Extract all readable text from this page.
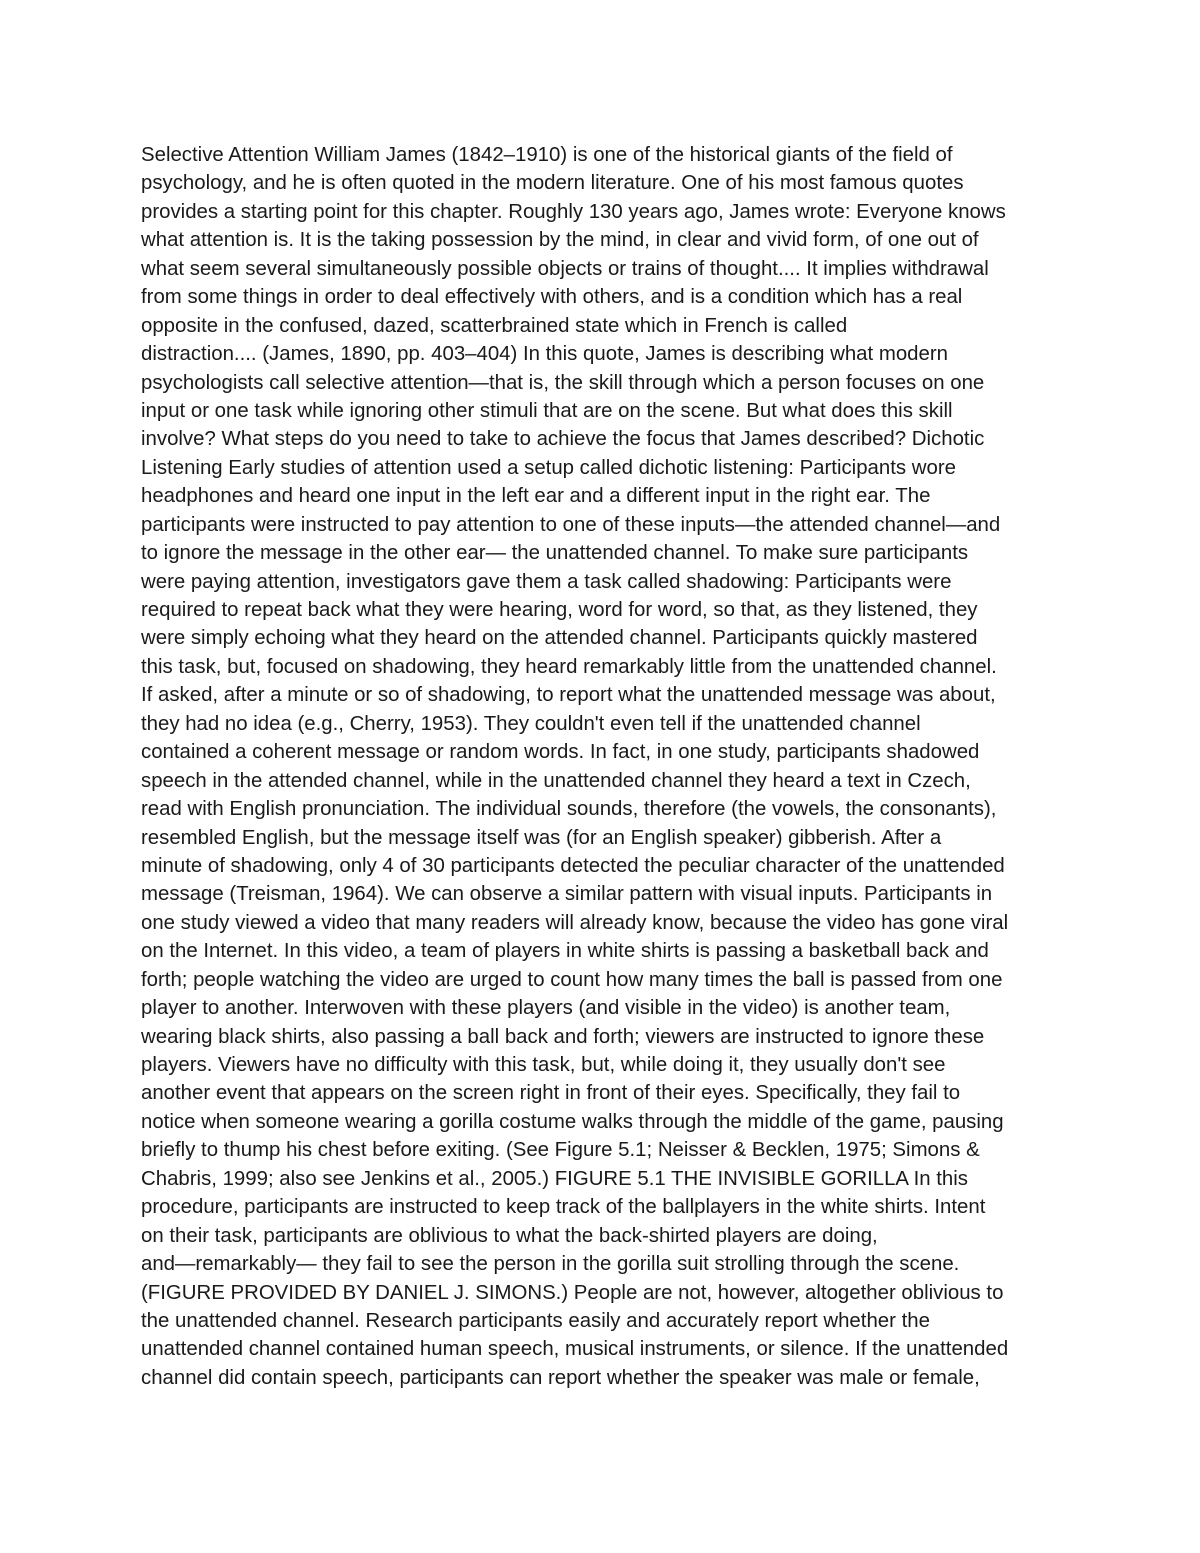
Selective Attention William James (1842–1910) is one of the historical giants of the field of
psychology, and he is often quoted in the modern literature. One of his most famous quotes
provides a starting point for this chapter. Roughly 130 years ago, James wrote: Everyone knows
what attention is. It is the taking possession by the mind, in clear and vivid form, of one out of
what seem several simultaneously possible objects or trains of thought.... It implies withdrawal
from some things in order to deal effectively with others, and is a condition which has a real
opposite in the confused, dazed, scatterbrained state which in French is called
distraction.... (James, 1890, pp. 403–404) In this quote, James is describing what modern
psychologists call selective attention—that is, the skill through which a person focuses on one
input or one task while ignoring other stimuli that are on the scene. But what does this skill
involve? What steps do you need to take to achieve the focus that James described? Dichotic
Listening Early studies of attention used a setup called dichotic listening: Participants wore
headphones and heard one input in the left ear and a different input in the right ear. The
participants were instructed to pay attention to one of these inputs—the attended channel—and
to ignore the message in the other ear— the unattended channel. To make sure participants
were paying attention, investigators gave them a task called shadowing: Participants were
required to repeat back what they were hearing, word for word, so that, as they listened, they
were simply echoing what they heard on the attended channel. Participants quickly mastered
this task, but, focused on shadowing, they heard remarkably little from the unattended channel.
If asked, after a minute or so of shadowing, to report what the unattended message was about,
they had no idea (e.g., Cherry, 1953). They couldn't even tell if the unattended channel
contained a coherent message or random words. In fact, in one study, participants shadowed
speech in the attended channel, while in the unattended channel they heard a text in Czech,
read with English pronunciation. The individual sounds, therefore (the vowels, the consonants),
resembled English, but the message itself was (for an English speaker) gibberish. After a
minute of shadowing, only 4 of 30 participants detected the peculiar character of the unattended
message (Treisman, 1964). We can observe a similar pattern with visual inputs. Participants in
one study viewed a video that many readers will already know, because the video has gone viral
on the Internet. In this video, a team of players in white shirts is passing a basketball back and
forth; people watching the video are urged to count how many times the ball is passed from one
player to another. Interwoven with these players (and visible in the video) is another team,
wearing black shirts, also passing a ball back and forth; viewers are instructed to ignore these
players. Viewers have no difficulty with this task, but, while doing it, they usually don't see
another event that appears on the screen right in front of their eyes. Specifically, they fail to
notice when someone wearing a gorilla costume walks through the middle of the game, pausing
briefly to thump his chest before exiting. (See Figure 5.1; Neisser & Becklen, 1975; Simons &
Chabris, 1999; also see Jenkins et al., 2005.) FIGURE 5.1 THE INVISIBLE GORILLA In this
procedure, participants are instructed to keep track of the ballplayers in the white shirts. Intent
on their task, participants are oblivious to what the back-shirted players are doing,
and—remarkably— they fail to see the person in the gorilla suit strolling through the scene.
(FIGURE PROVIDED BY DANIEL J. SIMONS.) People are not, however, altogether oblivious to
the unattended channel. Research participants easily and accurately report whether the
unattended channel contained human speech, musical instruments, or silence. If the unattended
channel did contain speech, participants can report whether the speaker was male or female,
